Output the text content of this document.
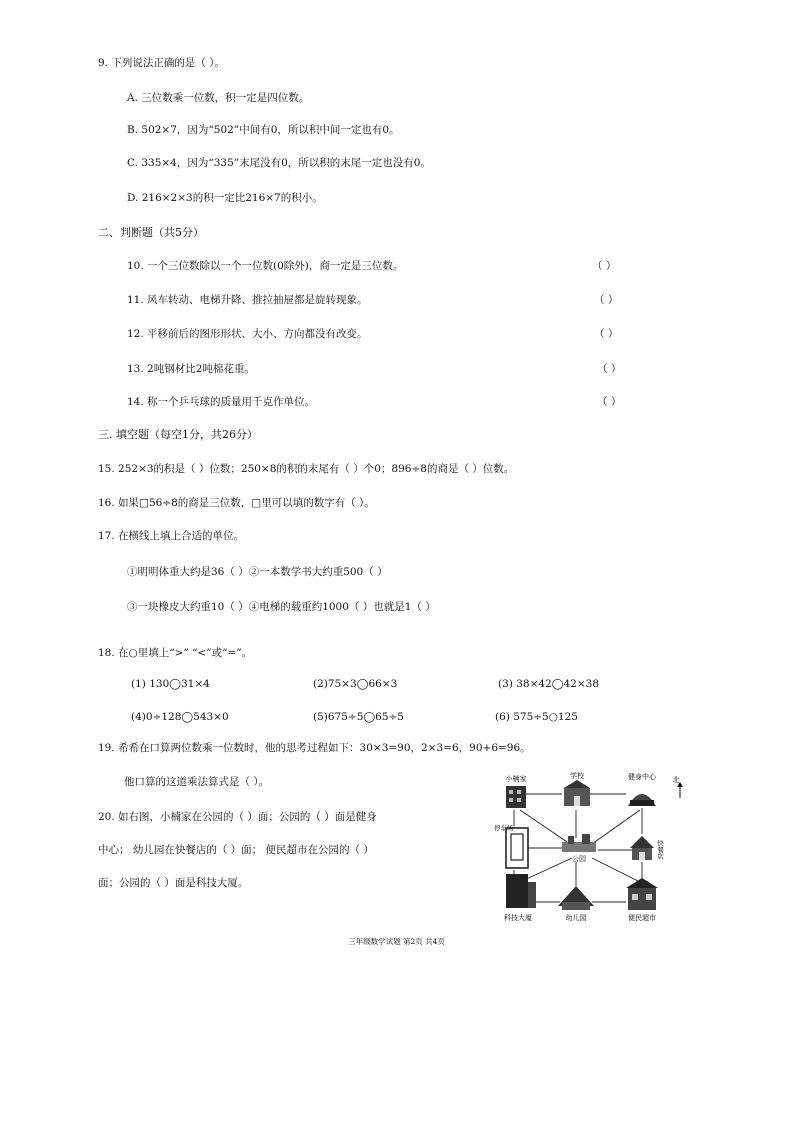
9. 下列说法正确的是（ ）。
A. 三位数乘一位数，积一定是四位数。
B. 502×7，因为“502”中间有0，所以积中间一定也有0。
C. 335×4，因为“335”末尾没有0，所以积的末尾一定也没有0。
D. 216×2×3的积一定比216×7的积小。
二、判断题（共5分）
10. 一个三位数除以一个一位数(0除外)，商一定是三位数。	（ ）
11. 风车转动、电梯升降、推拉抽屉都是旋转现象。	（ ）
12. 平移前后的图形形状、大小、方向都没有改变。	（ ）
13. 2吨钢材比2吨棉花重。	（ ）
14. 称一个乒乓球的质量用千克作单位。	（ ）
三. 填空题（每空1分，共26分）
15. 252×3的积是（ ）位数；250×8的积的末尾有（ ）个0；896÷8的商是（ ）位数。
16. 如果□56÷8的商是三位数，□里可以填的数字有（ ）。
17. 在横线上填上合适的单位。
①明明体重大约是36（ ）②一本数学书大约重500（ ）
③一块橡皮大约重10（ ）④电梯的载重约1000（ ）也就是1（ ）
18. 在○里填上“>” “<”或“=”。
(1) 130◯31×4	(2)75×3◯66×3	(3) 38×42◯42×38
(4)0÷128◯543×0	(5)675÷5◯65÷5	(6) 575÷5○125
19. 希希在口算两位数乘一位数时，他的思考过程如下：30×3=90，2×3=6，90+6=96。
他口算的这道乘法算式是（ ）。
20. 如右图，小楠家在公园的（ ）面；公园的（ ）面是健身
中心； 幼儿园在快餐店的（ ）面； 便民超市在公园的（ ）
面；公园的（ ）面是科技大厦。
小楠家	学校	健身中心 北
停车场
公园	快餐店
科技大厦	幼儿园	便民超市
三年级数学试题 第2页 共4页
